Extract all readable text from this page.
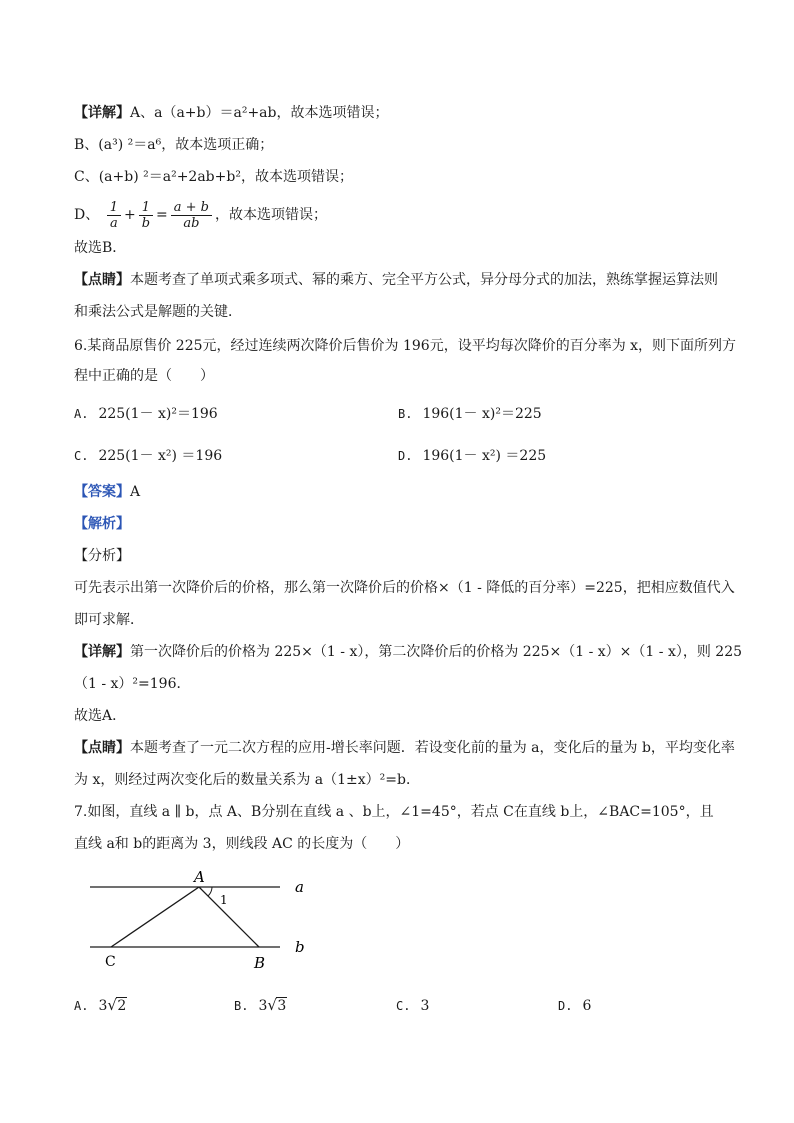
【详解】A、a（a+b）＝a²+ab，故本选项错误；
B、(a³) ²＝a⁶，故本选项正确；
C、(a+b) ²＝a²+2ab+b²，故本选项错误；
D、 $\frac{1}{a} + \frac{1}{b} = \frac{a + b}{ab}$ ，故本选项错误；
故选B．
【点睛】本题考查了单项式乘多项式、幂的乘方、完全平方公式，异分母分式的加法，熟练掌握运算法则
和乘法公式是解题的关键．
6.某商品原售价 225元，经过连续两次降价后售价为 196元，设平均每次降价的百分率为 x，则下面所列方
程中正确的是（　　）
A. 225(1－ x)²＝196	B. 196(1－ x)²＝225
C. 225(1－ x²) ＝196	D. 196(1－ x²) ＝225
【答案】A
【解析】
【分析】
可先表示出第一次降价后的价格，那么第一次降价后的价格×（1 - 降低的百分率）=225，把相应数值代入
即可求解．
【详解】第一次降价后的价格为 225×（1 - x），第二次降价后的价格为 225×（1 - x）×（1 - x），则 225
（1 - x）²=196．
故选A．
【点睛】本题考查了一元二次方程的应用-增长率问题．若设变化前的量为 a，变化后的量为 b，平均变化率
为 x，则经过两次变化后的数量关系为 a（1±x）²=b．
7.如图，直线 a ∥ b，点 A、B分别在直线 a 、b上，∠1=45°，若点 C在直线 b上，∠BAC=105°，且
直线 a和 b的距离为 3，则线段 AC 的长度为（　　）
A
1
a
b
C	B
A. 3 √ 2	B. 3 √ 3	C. 3	D. 6
